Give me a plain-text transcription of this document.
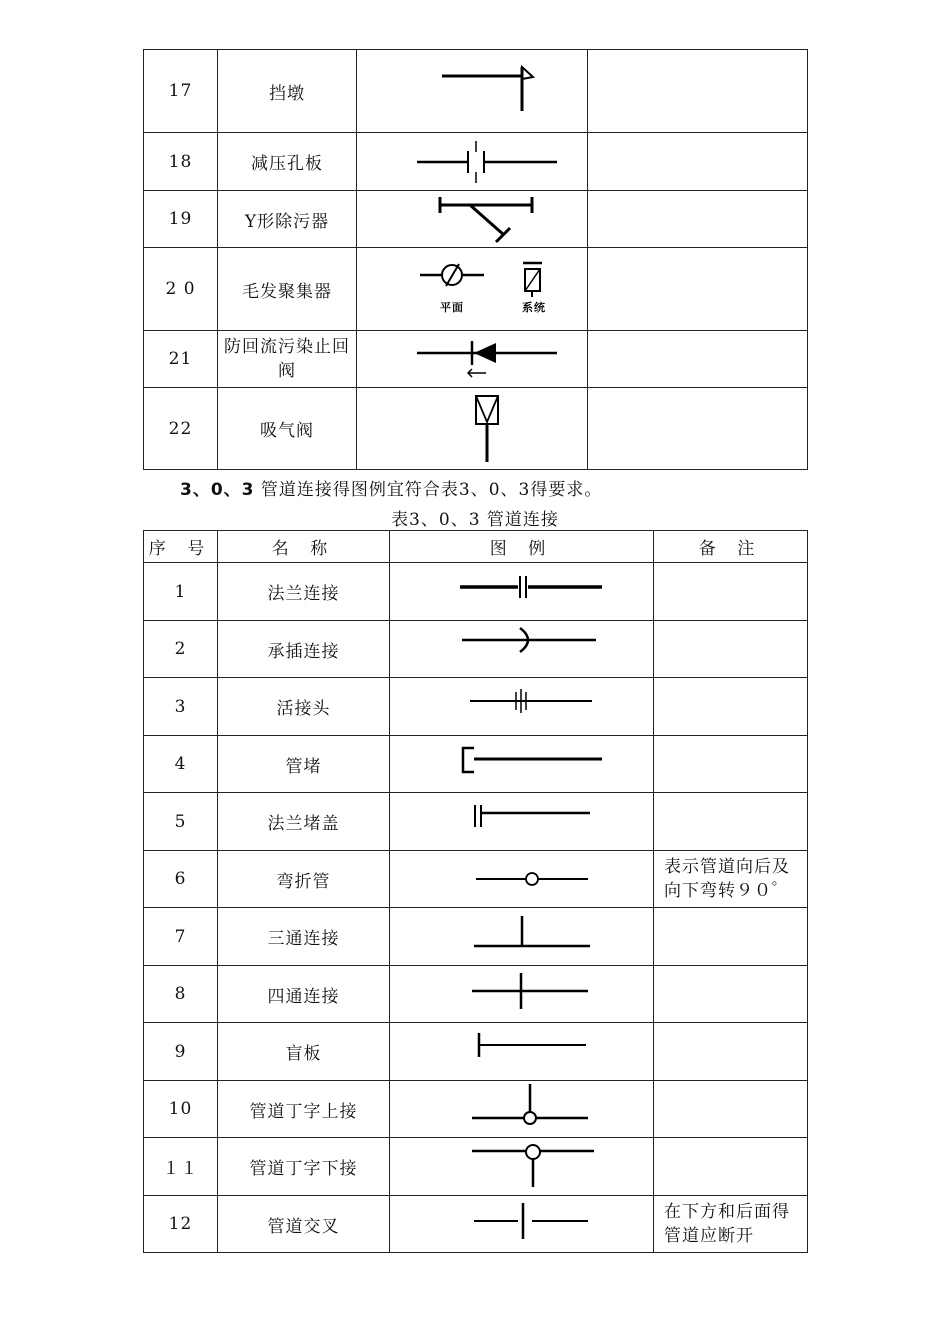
17	挡墩	

18	减压孔板	

19	Y形除污器	

2 0	毛发聚集器	平面 系统	

21	防回流污染止回阀	

22	吸气阀	

3、0、3 管道连接得图例宜符合表3、0、3得要求。
表3、0、3 管道连接
序 号	名 称	图 例	备 注
1	法兰连接	

2	承插连接	

3	活接头	

4	管堵	

5	法兰堵盖	

6	弯折管		表示管道向后及向下弯转９０゜
7	三通连接	

8	四通连接	

9	盲板	

10	管道丁字上接	

１１	管道丁字下接	

12	管道交叉		在下方和后面得管道应断开
